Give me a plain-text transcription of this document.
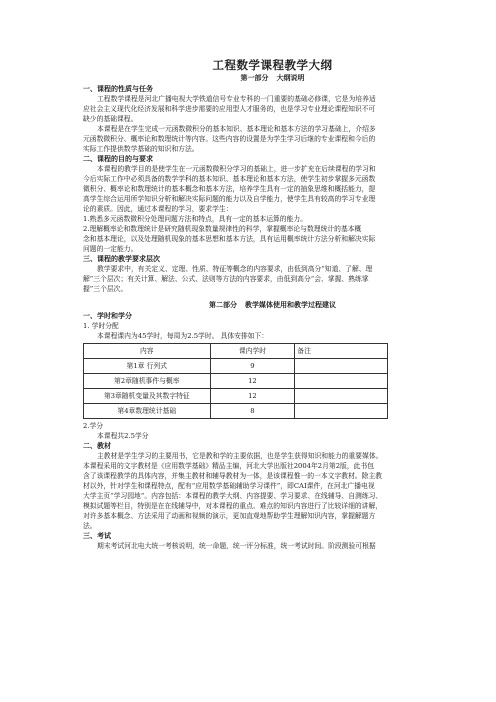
工程数学课程教学大纲
第一部分 大纲说明
一、课程的性质与任务

工程数学课程是河北广播电视大学铁道信号专业专科的一门重要的基础必修课，它是为培养适

应社会主义现代化经济发展和科学进步需要的应用型人才服务的，也是学习专业理论课程知识不可

缺少的基础课程。

本课程是在学生完成一元函数微积分的基本知识、基本理论和基本方法的学习基础上，介绍多

元函数微积分、概率论和数理统计等内容。这些内容的设置是为学生学习后继的专业课程和今后的

实际工作提供数学基础的知识和方法。

二、课程的目的与要求

本课程的教学目的是使学生在一元函数微积分学习的基础上，进一步扩充在后续课程的学习和

今后实际工作中必须具备的数学学科的基本知识、基本理论和基本方法，使学生初步掌握多元函数

微积分、概率论和数理统计的基本概念和基本方法，培养学生具有一定的抽象思维和概括能力，提

高学生综合运用所学知识分析和解决实际问题的能力以及自学能力，使学生具有较高的学习专业理

论的素质。因此，通过本课程的学习，要求学生：

1.熟悉多元函数微积分处理问题方法和特点，具有一定的基本运算的能力。

2.理解概率论和数理统计是研究随机现象数量规律性的科学，掌握概率论与数理统计的基本概

念和基本理论，以及处理随机现象的基本思想和基本方法，具有运用概率统计方法分析和解决实际

问题的一定能力。

三、课程的教学要求层次

教学要求中，有关定义、定理、性质、特征等概念的内容要求，由低到高分“知道、了解、理

解”三个层次；有关计算、解法、公式、法则等方法的内容要求，由低到高分“会、掌握、熟练掌

握”三个层次。

第二部分 教学媒体使用和教学过程建议
一、学时和学分

1. 学时分配

本课程课内为45学时，每周为2.5学时。 具体安排如下：

内容	课内学时	备注
第1章 行列式	9	
第2章随机事件与概率	12	
第3章随机变量及其数字特征	12	
第4章数理统计基础	8	

2.学分

本课程共2.5学分

二、教材

主教材是学生学习的主要用书，它是教和学的主要依据，也是学生获得知识和能力的重要媒体。

本课程采用的文字教材是《应用数学基础》精品主编，河北大学出版社2004年2月第2版，此书包

含了该课程教学的具体内容，并集主教材和辅导教材为一体，是该课程惟一的一本文字教材。除主教

材以外，针对学生和课程特点，配有“应用数学基础辅助学习课件”，即CAI课件，在河北广播电视

大学主页“学习园地”。内容包括：本课程的教学大纲、内容提要、学习要求、在线辅导、自测练习、

模拟试题等栏目，特别是在在线辅导中，对本课程的重点、难点的知识内容进行了比较详细的讲解，

对许多基本概念、方法采用了动画和视频的演示，更加直观地帮助学生理解知识内容，掌握解题方

法。

三、考试

期末考试河北电大统一考核说明，统一命题，统一评分标准，统一考试时间。阶段测验可根据
